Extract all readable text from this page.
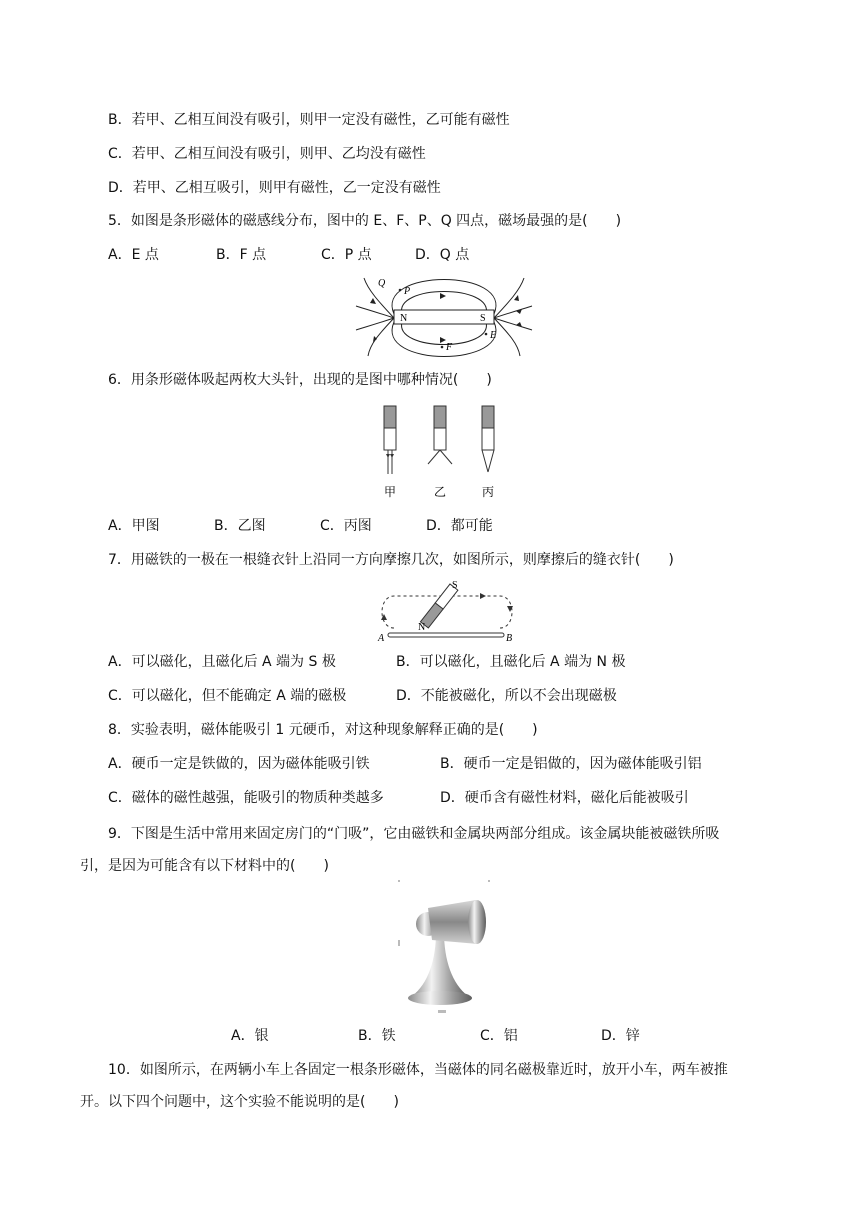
B．若甲、乙相互间没有吸引，则甲一定没有磁性，乙可能有磁性
C．若甲、乙相互间没有吸引，则甲、乙均没有磁性
D．若甲、乙相互吸引，则甲有磁性，乙一定没有磁性
5．如图是条形磁体的磁感线分布，图中的 E、F、P、Q 四点，磁场最强的是(　　)
A．E 点	B．F 点	C．P 点	D．Q 点
N	S
Q
P
F
E
6．用条形磁体吸起两枚大头针，出现的是图中哪种情况(　　)
甲	乙	丙
A．甲图	B．乙图	C．丙图	D．都可能
7．用磁铁的一极在一根缝衣针上沿同一方向摩擦几次，如图所示，则摩擦后的缝衣针(　　)
S
N
A	B
A．可以磁化，且磁化后 A 端为 S 极	B．可以磁化，且磁化后 A 端为 N 极
C．可以磁化，但不能确定 A 端的磁极	D．不能被磁化，所以不会出现磁极
8．实验表明，磁体能吸引 1 元硬币，对这种现象解释正确的是(　　)
A．硬币一定是铁做的，因为磁体能吸引铁	B．硬币一定是铝做的，因为磁体能吸引铝
C．磁体的磁性越强，能吸引的物质种类越多	D．硬币含有磁性材料，磁化后能被吸引
9．下图是生活中常用来固定房门的“门吸”，它由磁铁和金属块两部分组成。该金属块能被磁铁所吸
引，是因为可能含有以下材料中的(　　)
A．银	B．铁	C．铝	D．锌
10．如图所示，在两辆小车上各固定一根条形磁体，当磁体的同名磁极靠近时，放开小车，两车被推
开。以下四个问题中，这个实验不能说明的是(　　)
